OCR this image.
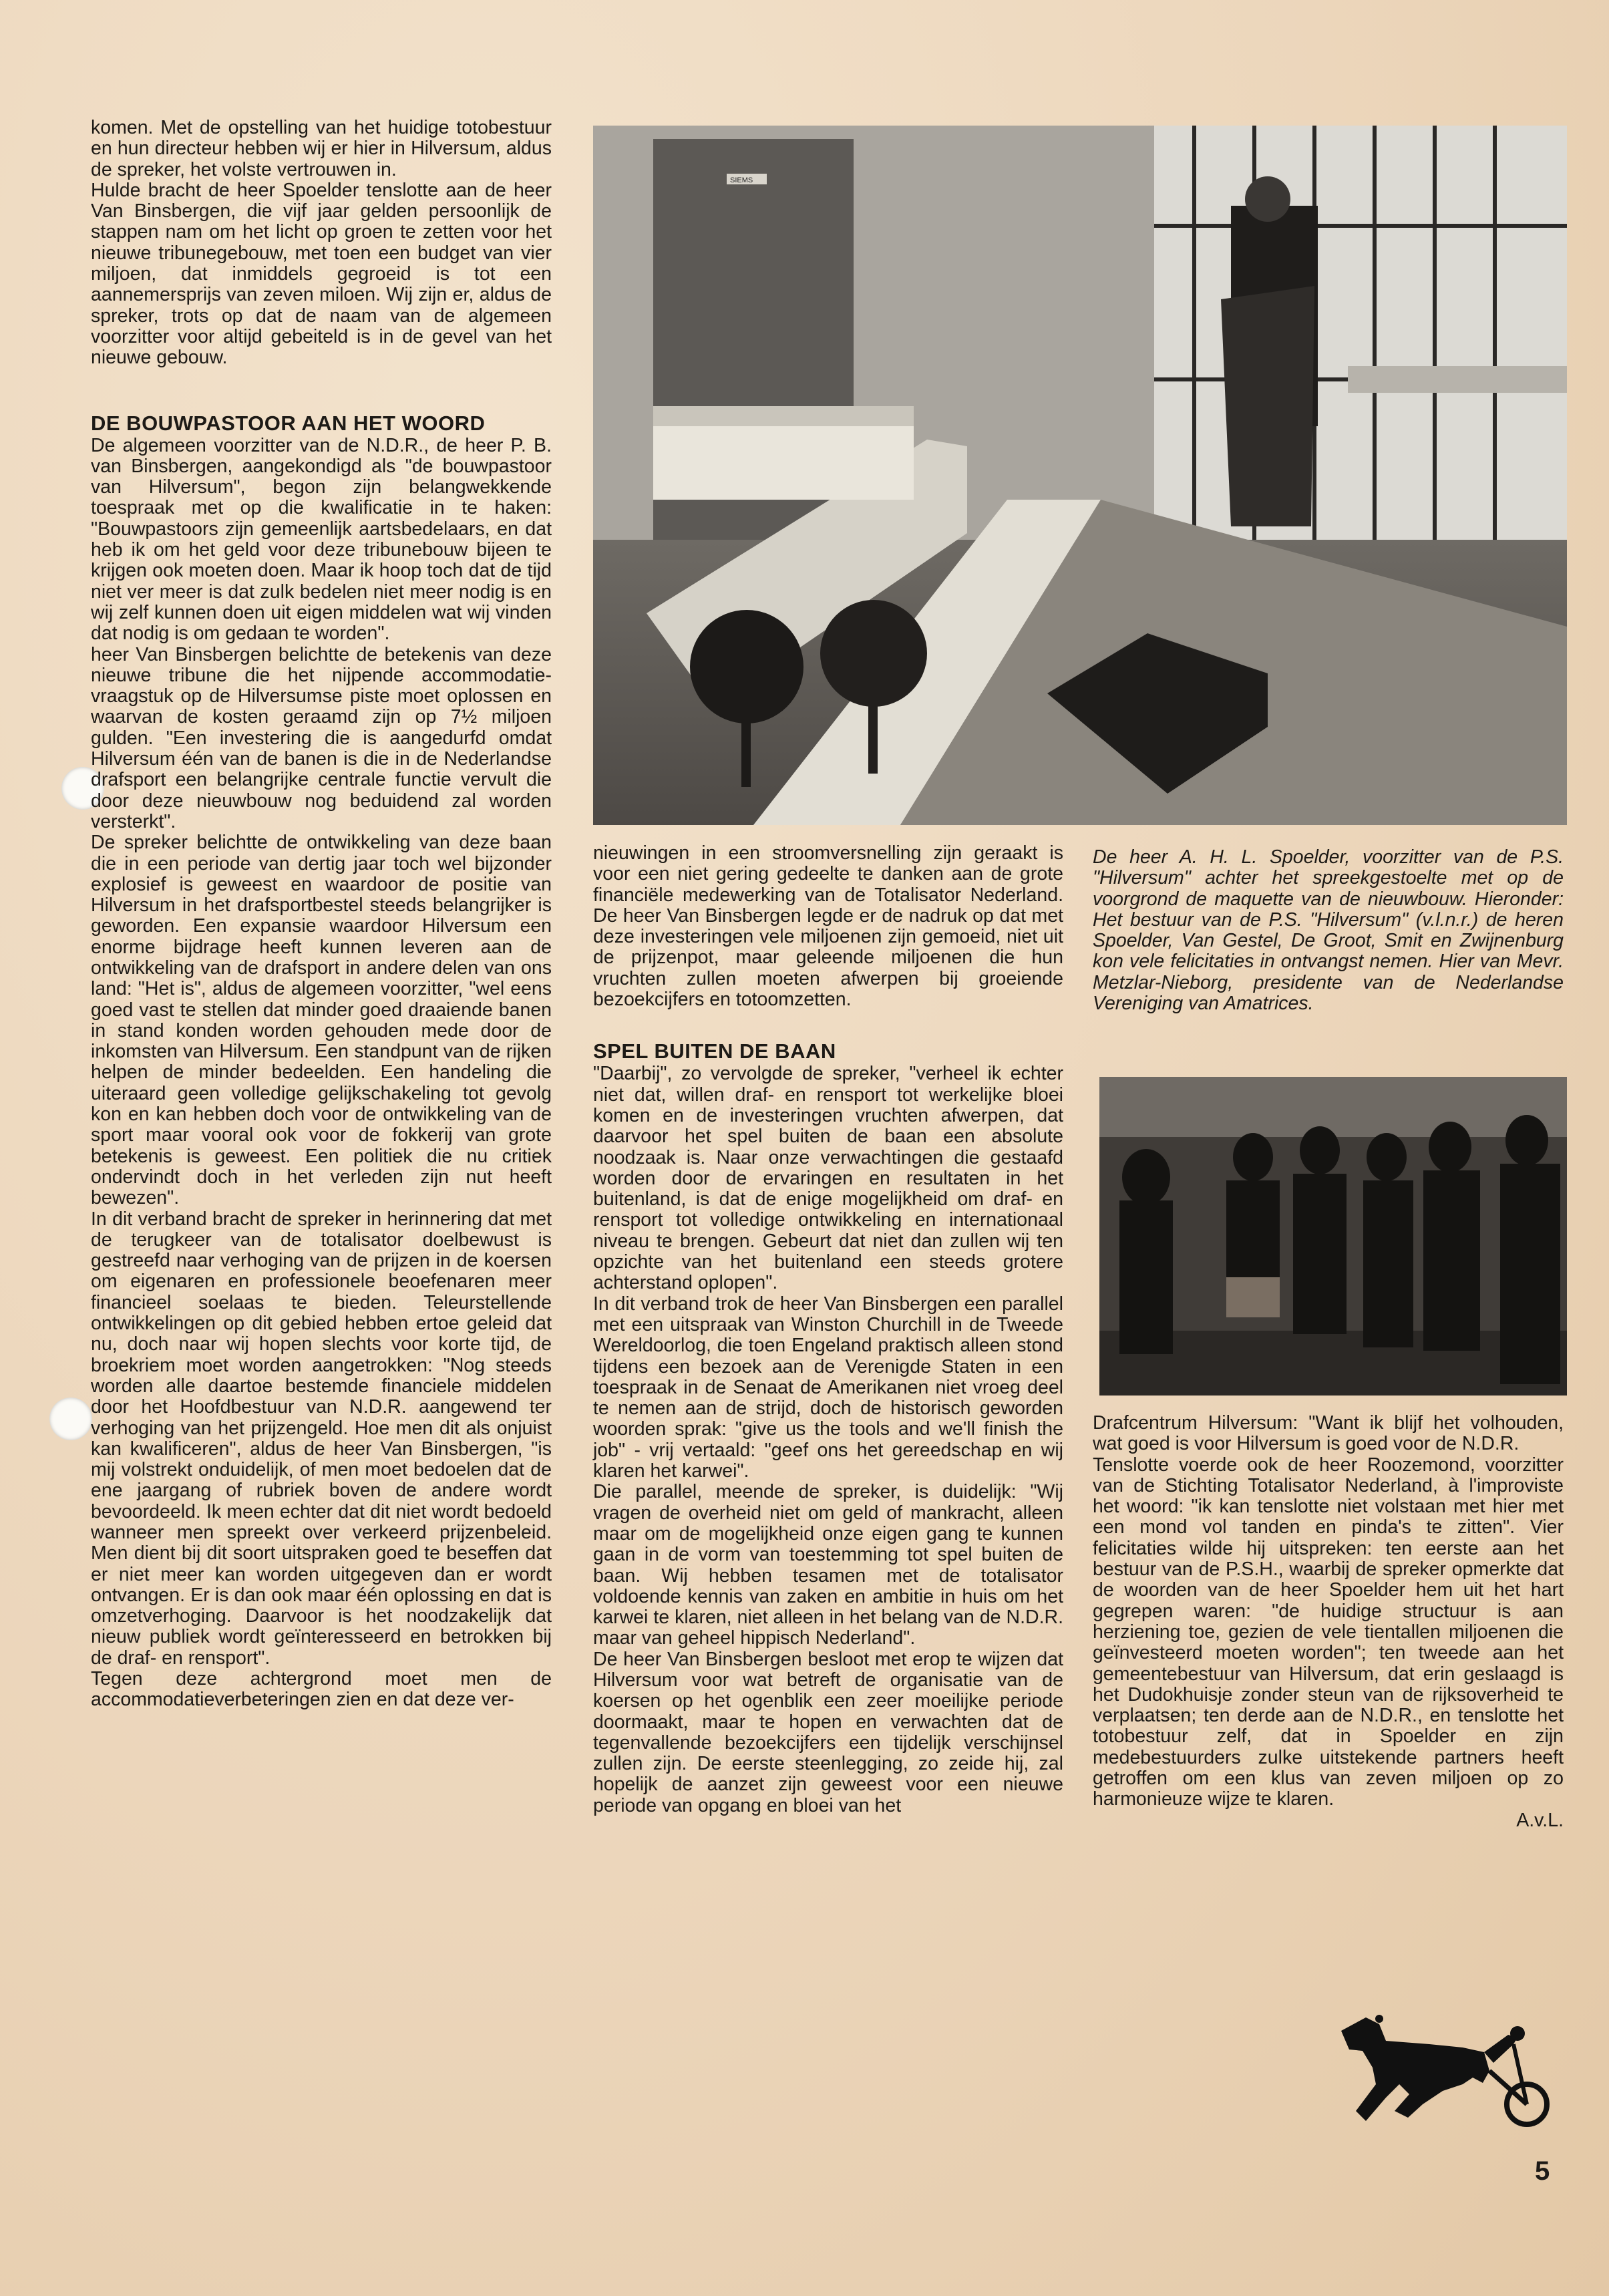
komen. Met de opstelling van het huidige totobestuur en hun directeur hebben wij er hier in Hilversum, aldus de spreker, het volste vertrouwen in.

Hulde bracht de heer Spoelder tenslotte aan de heer Van Binsbergen, die vijf jaar gelden persoonlijk de stappen nam om het licht op groen te zetten voor het nieuwe tribunegebouw, met toen een budget van vier miljoen, dat inmiddels gegroeid is tot een aannemersprijs van zeven miloen. Wij zijn er, aldus de spreker, trots op dat de naam van de algemeen voorzitter voor altijd gebeiteld is in de gevel van het nieuwe gebouw.

DE BOUWPASTOOR AAN HET WOORD

De algemeen voorzitter van de N.D.R., de heer P. B. van Binsbergen, aangekondigd als "de bouwpastoor van Hilversum", begon zijn belangwekkende toespraak met op die kwalificatie in te haken: "Bouwpastoors zijn gemeenlijk aartsbedelaars, en dat heb ik om het geld voor deze tribunebouw bijeen te krijgen ook moeten doen. Maar ik hoop toch dat de tijd niet ver meer is dat zulk bedelen niet meer nodig is en wij zelf kunnen doen uit eigen middelen wat wij vinden dat nodig is om gedaan te worden".

heer Van Binsbergen belichtte de betekenis van deze nieuwe tribune die het nijpende accommodatie-vraagstuk op de Hilversumse piste moet oplossen en waarvan de kosten geraamd zijn op 7½ miljoen gulden. "Een investering die is aangedurfd omdat Hilversum één van de banen is die in de Nederlandse drafsport een belangrijke centrale functie vervult die door deze nieuwbouw nog beduidend zal worden versterkt".

De spreker belichtte de ontwikkeling van deze baan die in een periode van dertig jaar toch wel bijzonder explosief is geweest en waardoor de positie van Hilversum in het drafsportbestel steeds belangrijker is geworden. Een expansie waardoor Hilversum een enorme bijdrage heeft kunnen leveren aan de ontwikkeling van de drafsport in andere delen van ons land: "Het is", aldus de algemeen voorzitter, "wel eens goed vast te stellen dat minder goed draaiende banen in stand konden worden gehouden mede door de inkomsten van Hilversum. Een standpunt van de rijken helpen de minder bedeelden. Een handeling die uiteraard geen volledige gelijkschakeling tot gevolg kon en kan hebben doch voor de ontwikkeling van de sport maar vooral ook voor de fokkerij van grote betekenis is geweest. Een politiek die nu critiek ondervindt doch in het verleden zijn nut heeft bewezen".

In dit verband bracht de spreker in herinnering dat met de terugkeer van de totalisator doelbewust is gestreefd naar verhoging van de prijzen in de koersen om eigenaren en professionele beoefenaren meer financieel soelaas te bieden. Teleurstellende ontwikkelingen op dit gebied hebben ertoe geleid dat nu, doch naar wij hopen slechts voor korte tijd, de broekriem moet worden aangetrokken: "Nog steeds worden alle daartoe bestemde financiele middelen door het Hoofdbestuur van N.D.R. aangewend ter verhoging van het prijzengeld. Hoe men dit als onjuist kan kwalificeren", aldus de heer Van Binsbergen, "is mij volstrekt onduidelijk, of men moet bedoelen dat de ene jaargang of rubriek boven de andere wordt bevoordeeld. Ik meen echter dat dit niet wordt bedoeld wanneer men spreekt over verkeerd prijzenbeleid. Men dient bij dit soort uitspraken goed te beseffen dat er niet meer kan worden uitgegeven dan er wordt ontvangen. Er is dan ook maar één oplossing en dat is omzetverhoging. Daarvoor is het noodzakelijk dat nieuw publiek wordt geïnteresseerd en betrokken bij de draf- en rensport".

Tegen deze achtergrond moet men de accommodatieverbeteringen zien en dat deze ver-

SIEMS

nieuwingen in een stroomversnelling zijn geraakt is voor een niet gering gedeelte te danken aan de grote financiële medewerking van de Totalisator Nederland. De heer Van Binsbergen legde er de nadruk op dat met deze investeringen vele miljoenen zijn gemoeid, niet uit de prijzenpot, maar geleende miljoenen die hun vruchten zullen moeten afwerpen bij groeiende bezoekcijfers en totoomzetten.

SPEL BUITEN DE BAAN

"Daarbij", zo vervolgde de spreker, "verheel ik echter niet dat, willen draf- en rensport tot werkelijke bloei komen en de investeringen vruchten afwerpen, dat daarvoor het spel buiten de baan een absolute noodzaak is. Naar onze verwachtingen die gestaafd worden door de ervaringen en resultaten in het buitenland, is dat de enige mogelijkheid om draf- en rensport tot volledige ontwikkeling en internationaal niveau te brengen. Gebeurt dat niet dan zullen wij ten opzichte van het buitenland een steeds grotere achterstand oplopen".

In dit verband trok de heer Van Binsbergen een parallel met een uitspraak van Winston Churchill in de Tweede Wereldoorlog, die toen Engeland praktisch alleen stond tijdens een bezoek aan de Verenigde Staten in een toespraak in de Senaat de Amerikanen niet vroeg deel te nemen aan de strijd, doch de historisch geworden woorden sprak: "give us the tools and we'll finish the job" - vrij vertaald: "geef ons het gereedschap en wij klaren het karwei".

Die parallel, meende de spreker, is duidelijk: "Wij vragen de overheid niet om geld of mankracht, alleen maar om de mogelijkheid onze eigen gang te kunnen gaan in de vorm van toestemming tot spel buiten de baan. Wij hebben tesamen met de totalisator voldoende kennis van zaken en ambitie in huis om het karwei te klaren, niet alleen in het belang van de N.D.R. maar van geheel hippisch Nederland".

De heer Van Binsbergen besloot met erop te wijzen dat Hilversum voor wat betreft de organisatie van de koersen op het ogenblik een zeer moeilijke periode doormaakt, maar te hopen en verwachten dat de tegenvallende bezoekcijfers een tijdelijk verschijnsel zullen zijn. De eerste steenlegging, zo zeide hij, zal hopelijk de aanzet zijn geweest voor een nieuwe periode van opgang en bloei van het

De heer A. H. L. Spoelder, voorzitter van de P.S. "Hilversum" achter het spreekgestoelte met op de voorgrond de maquette van de nieuwbouw. Hieronder: Het bestuur van de P.S. "Hilversum" (v.l.n.r.) de heren Spoelder, Van Gestel, De Groot, Smit en Zwijnenburg kon vele felicitaties in ontvangst nemen. Hier van Mevr. Metzlar-Nieborg, presidente van de Nederlandse Vereniging van Amatrices.

Drafcentrum Hilversum: "Want ik blijf het volhouden, wat goed is voor Hilversum is goed voor de N.D.R.

Tenslotte voerde ook de heer Roozemond, voorzitter van de Stichting Totalisator Nederland, à l'improviste het woord: "ik kan tenslotte niet volstaan met hier met een mond vol tanden en pinda's te zitten". Vier felicitaties wilde hij uitspreken: ten eerste aan het bestuur van de P.S.H., waarbij de spreker opmerkte dat de woorden van de heer Spoelder hem uit het hart gegrepen waren: "de huidige structuur is aan herziening toe, gezien de vele tientallen miljoenen die geïnvesteerd moeten worden"; ten tweede aan het gemeentebestuur van Hilversum, dat erin geslaagd is het Dudokhuisje zonder steun van de rijksoverheid te verplaatsen; ten derde aan de N.D.R., en tenslotte het totobestuur zelf, dat in Spoelder en zijn medebestuurders zulke uitstekende partners heeft getroffen om een klus van zeven miljoen op zo harmonieuze wijze te klaren.

A.v.L.

5
